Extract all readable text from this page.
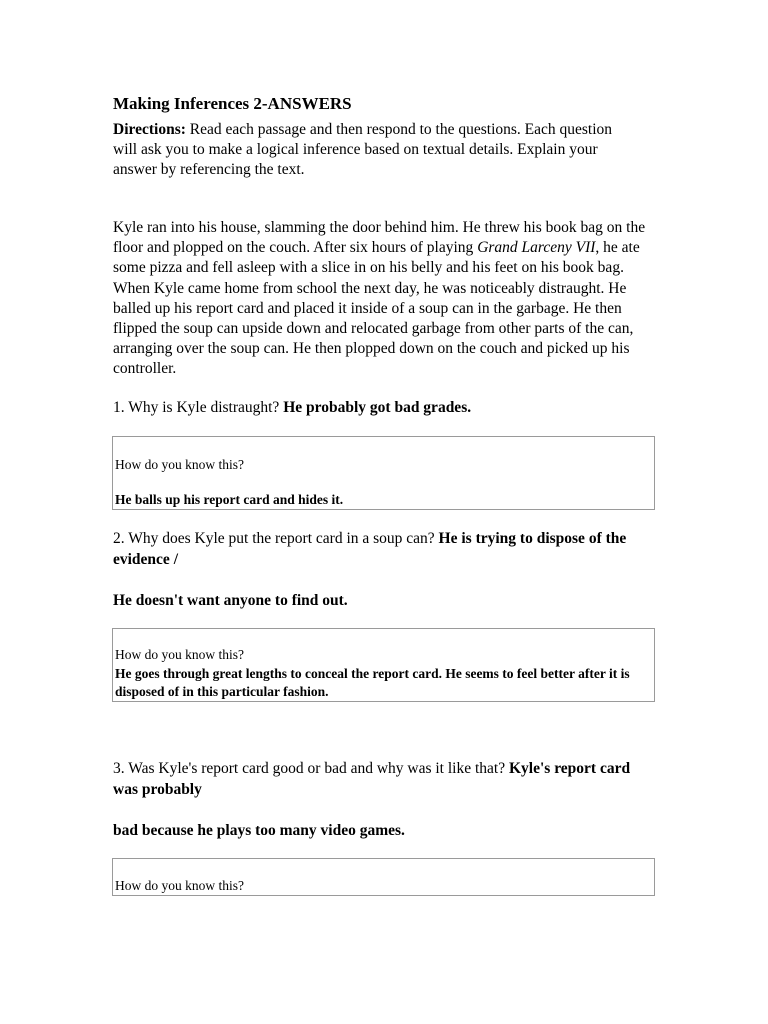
Making Inferences 2-ANSWERS

Directions: Read each passage and then respond to the questions. Each question will ask you to make a logical inference based on textual details. Explain your answer by referencing the text.

Kyle ran into his house, slamming the door behind him. He threw his book bag on the floor and plopped on the couch. After six hours of playing Grand Larceny VII, he ate some pizza and fell asleep with a slice in on his belly and his feet on his book bag. When Kyle came home from school the next day, he was noticeably distraught. He balled up his report card and placed it inside of a soup can in the garbage. He then flipped the soup can upside down and relocated garbage from other parts of the can, arranging over the soup can. He then plopped down on the couch and picked up his controller.

1. Why is Kyle distraught? He probably got bad grades.

How do you know this?

He balls up his report card and hides it.

2. Why does Kyle put the report card in a soup can? He is trying to dispose of the evidence /

He doesn't want anyone to find out.

How do you know this?

He goes through great lengths to conceal the report card. He seems to feel better after it is disposed of in this particular fashion.

3. Was Kyle's report card good or bad and why was it like that? Kyle's report card was probably

bad because he plays too many video games.

How do you know this?
